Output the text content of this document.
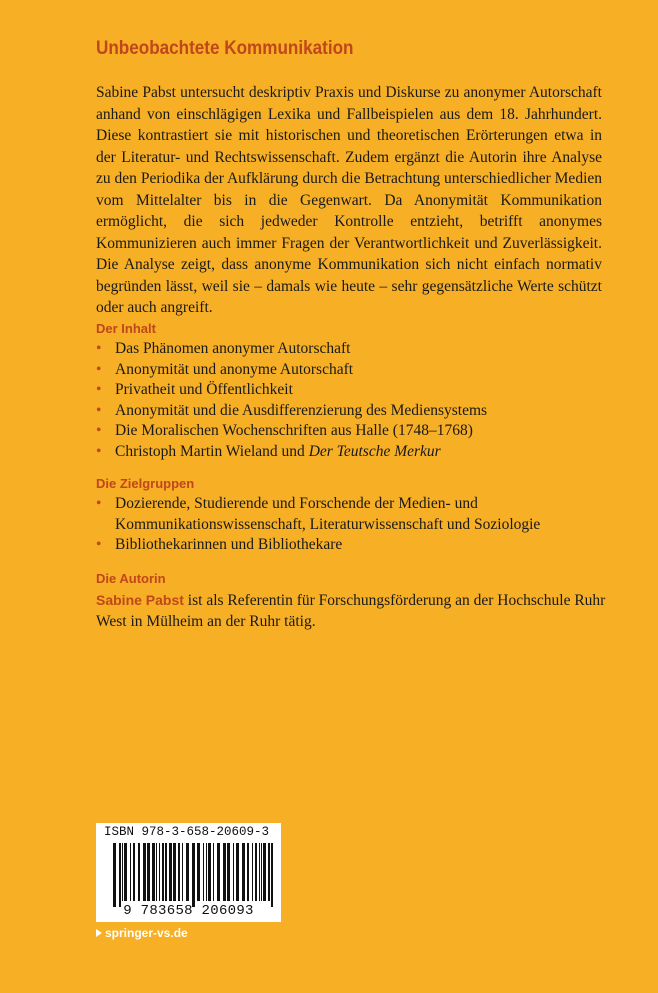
Unbeobachtete Kommunikation

Sabine Pabst untersucht deskriptiv Praxis und Diskurse zu anonymer Autorschaft anhand von einschlägigen Lexika und Fallbeispielen aus dem 18. Jahrhundert. Diese kontrastiert sie mit historischen und theoretischen Erörterungen etwa in der Literatur- und Rechtswissenschaft. Zudem ergänzt die Autorin ihre Analyse zu den Periodika der Aufklärung durch die Betrachtung unterschiedlicher Medien vom Mittelalter bis in die Gegenwart. Da Anonymität Kommunikation ermöglicht, die sich jedweder Kontrolle entzieht, betrifft anonymes Kommunizieren auch immer Fragen der Verantwortlichkeit und Zuverlässigkeit. Die Analyse zeigt, dass anonyme Kommunikation sich nicht einfach normativ begründen lässt, weil sie – damals wie heute – sehr gegensätzliche Werte schützt oder auch angreift.

Der Inhalt
• Das Phänomen anonymer Autorschaft
• Anonymität und anonyme Autorschaft
• Privatheit und Öffentlichkeit
• Anonymität und die Ausdifferenzierung des Mediensystems
• Die Moralischen Wochenschriften aus Halle (1748–1768)
• Christoph Martin Wieland und Der Teutsche Merkur
Die Zielgruppen
• Dozierende, Studierende und Forschende der Medien- und Kommunikationswissenschaft, Literaturwissenschaft und Soziologie
• Bibliothekarinnen und Bibliothekare
Die Autorin

Sabine Pabst ist als Referentin für Forschungsförderung an der Hochschule Ruhr West in Mülheim an der Ruhr tätig.

ISBN 978-3-658-20609-3
9 783658 206093
springer-vs.de
